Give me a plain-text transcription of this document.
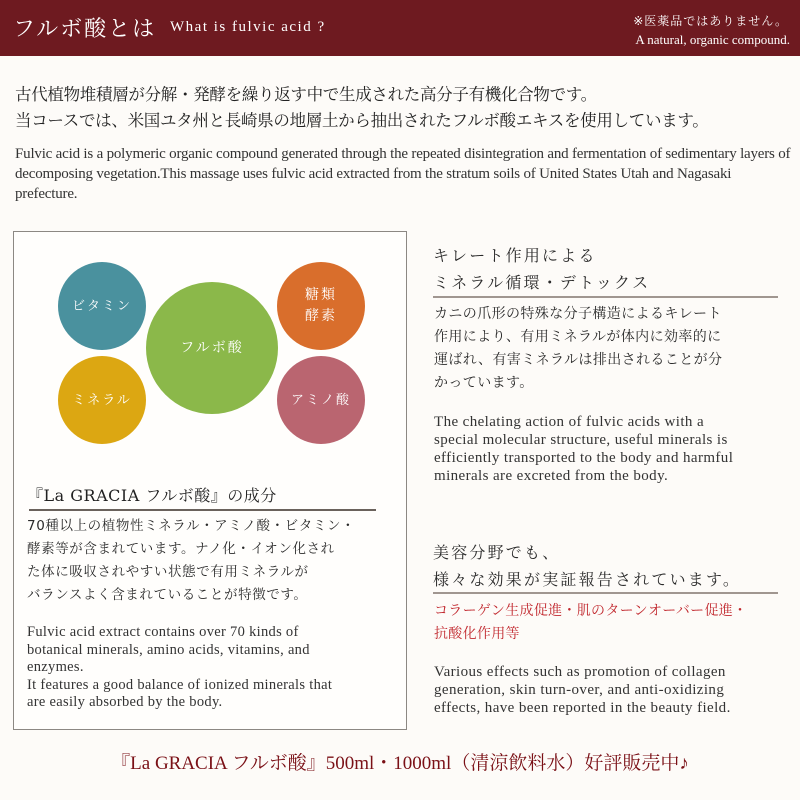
フルボ酸とは What is fulvic acid ?	※医薬品ではありません。
A natural, organic compound.
古代植物堆積層が分解・発酵を繰り返す中で生成された高分子有機化合物です。
当コースでは、米国ユタ州と長崎県の地層土から抽出されたフルボ酸エキスを使用しています。
Fulvic acid is a polymeric organic compound generated through the repeated disintegration and fermentation of sedimentary layers of decomposing vegetation.This massage uses fulvic acid extracted from the stratum soils of United States Utah and Nagasaki prefecture.
ビタミン
ミネラル
フルボ酸
糖類
酵素
アミノ酸
『La GRACIA フルボ酸』の成分
70種以上の植物性ミネラル・アミノ酸・ビタミン・
酵素等が含まれています。ナノ化・イオン化され
た体に吸収されやすい状態で有用ミネラルが
バランスよく含まれていることが特徴です。
Fulvic acid extract contains over 70 kinds of
botanical minerals, amino acids, vitamins, and
enzymes.
It features a good balance of ionized minerals that
are easily absorbed by the body.
キレート作用による
ミネラル循環・デトックス
カニの爪形の特殊な分子構造によるキレート
作用により、有用ミネラルが体内に効率的に
運ばれ、有害ミネラルは排出されることが分
かっています。
The chelating action of fulvic acids with a
special molecular structure, useful minerals is
efficiently transported to the body and harmful
minerals are excreted from the body.
美容分野でも、
様々な効果が実証報告されています。
コラーゲン生成促進・肌のターンオーバー促進・
抗酸化作用等
Various effects such as promotion of collagen
generation, skin turn-over, and anti-oxidizing
effects, have been reported in the beauty field.
『La GRACIA フルボ酸』500ml・1000ml（清涼飲料水）好評販売中♪
